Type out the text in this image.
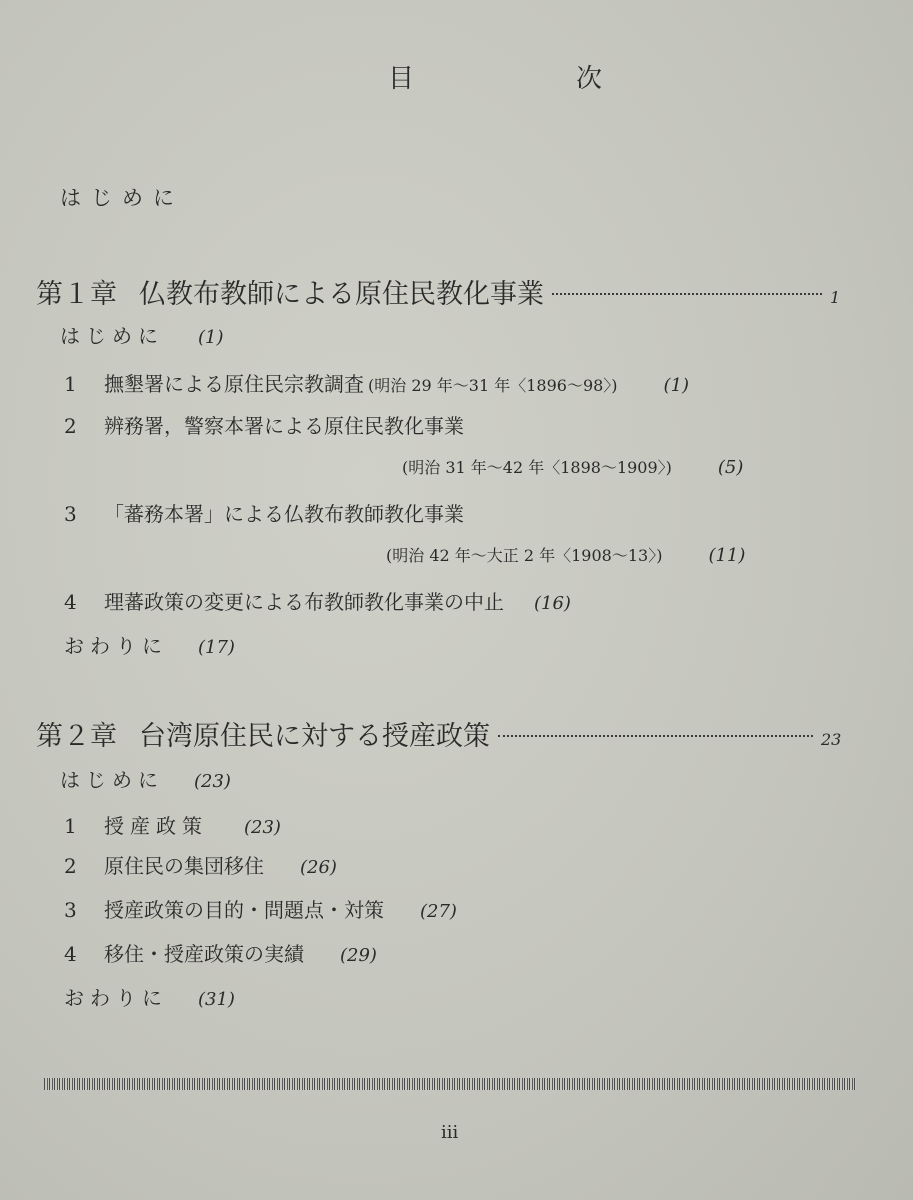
目　次
はじめに
第１章 仏教布教師による原住民教化事業	1
はじめに (1)
1	撫墾署による原住民宗教調査 (明治 29 年～31 年〈1896～98〉)	(1)
2	辨務署，警察本署による原住民教化事業
(明治 31 年～42 年〈1898～1909〉)	(5)
3	「蕃務本署」による仏教布教師教化事業
(明治 42 年～大正 2 年〈1908～13〉)	(11)
4	理蕃政策の変更による布教師教化事業の中止 (16)
おわりに (17)
第２章 台湾原住民に対する授産政策	23
はじめに (23)
1	授産政策 (23)
2	原住民の集団移住 (26)
3	授産政策の目的・問題点・対策 (27)
4	移住・授産政策の実績 (29)
おわりに (31)
iii
